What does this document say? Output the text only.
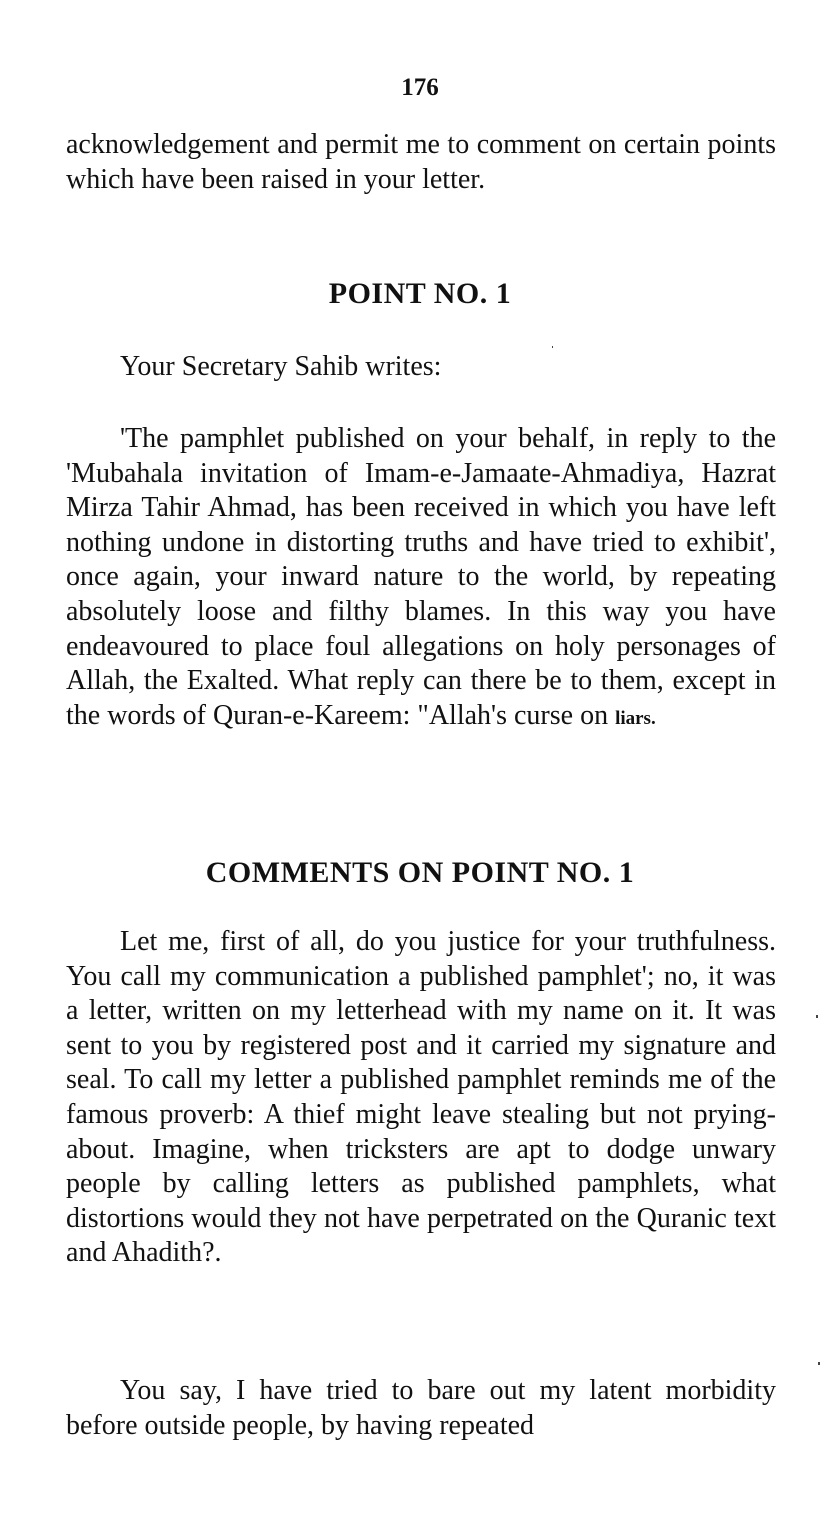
176

acknowledgement and permit me to comment on certain points which have been raised in your letter.

POINT NO. 1

Your Secretary Sahib writes:

'The pamphlet published on your behalf, in reply to the 'Mubahala invitation of Imam-e-Jamaate-Ahmadiya, Hazrat Mirza Tahir Ahmad, has been received in which you have left nothing undone in distorting truths and have tried to exhibit', once again, your inward nature to the world, by repeating absolutely loose and filthy blames. In this way you have endeavoured to place foul allegations on holy personages of Allah, the Exalted. What reply can there be to them, except in the words of Quran-e-Kareem: "Allah's curse on liars.
COMMENTS ON POINT NO. 1

Let me, first of all, do you justice for your truthfulness. You call my communication a published pamphlet'; no, it was a letter, written on my letterhead with my name on it. It was sent to you by registered post and it carried my signature and seal. To call my letter a published pamphlet reminds me of the famous proverb: A thief might leave stealing but not prying-about. Imagine, when tricksters are apt to dodge unwary people by calling letters as published pamphlets, what distortions would they not have perpetrated on the Quranic text and Ahadith?.

You say, I have tried to bare out my latent morbidity before outside people, by having repeated
